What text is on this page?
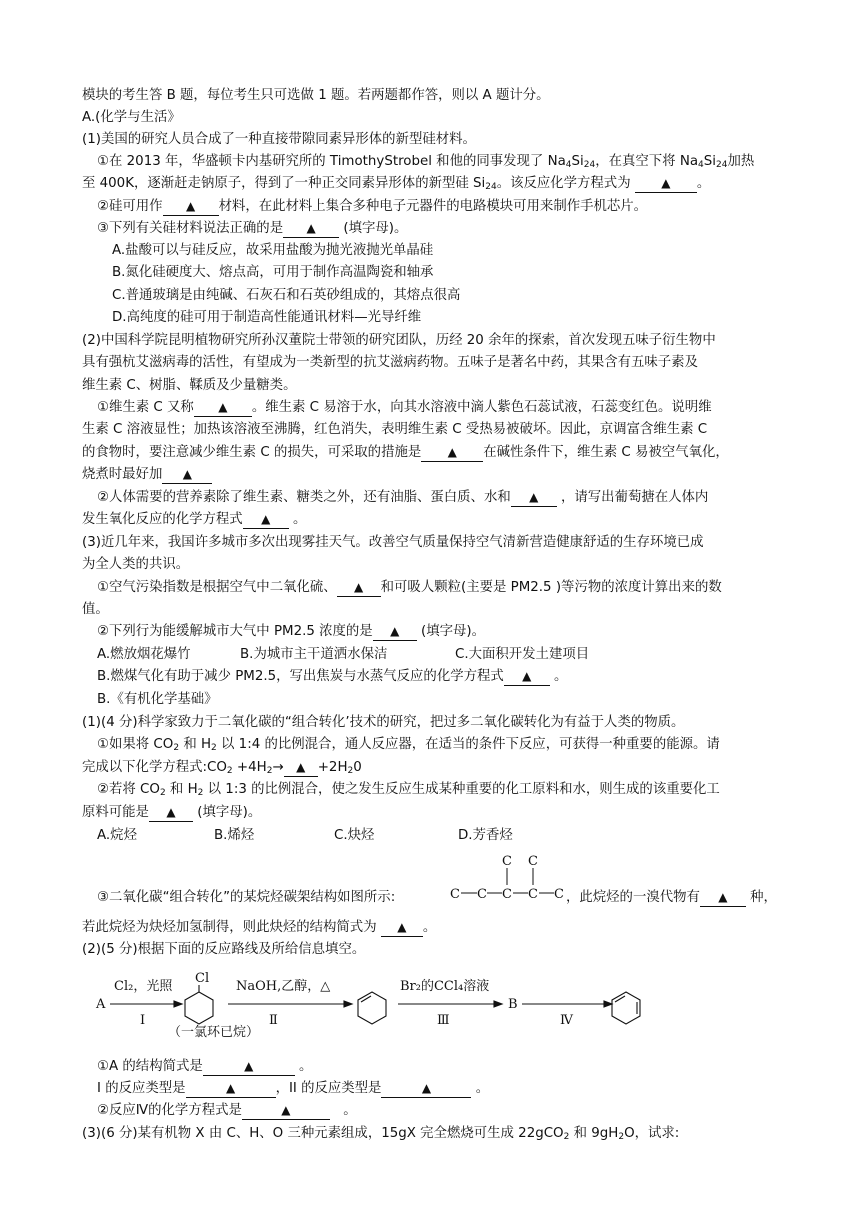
模块的考生答 B 题，每位考生只可选做 1 题。若两题都作答，则以 A 题计分。
A.(化学与生活》
(1)美国的研究人员合成了一种直接带隙同素异形体的新型硅材料。
①在 2013 年，华盛顿卡内基研究所的 TimothyStrobel 和他的同事发现了 $Na_4Si_{24}$，在真空下将 $Na_4Si_{24}$加热
至 400K，逐渐赶走钠原子，得到了一种正交同素异形体的新型硅 $Si_{24}$。该反应化学方程式为	▲ 。
②硅可用作 ▲ 材料，在此材料上集合多种电子元器件的电路模块可用来制作手机芯片。
③下列有关硅材料说法正确的是 ▲ (填字母)。
A.盐酸可以与硅反应，故采用盐酸为抛光液抛光单晶硅
B.氮化硅硬度大、熔点高，可用于制作高温陶瓷和轴承
C.普通玻璃是由纯碱、石灰石和石英砂组成的，其熔点很高
D.高纯度的硅可用于制造高性能通讯材料—光导纤维
(2)中国科学院昆明植物研究所孙汉董院士带领的研究团队，历经 20 余年的探索，首次发现五味子衍生物中
具有强杭艾滋病毒的活性，有望成为一类新型的抗艾滋病药物。五味子是著名中药，其果含有五味子素及
维生素 C、树脂、鞣质及少量糖类。
①维生素 C 又称 ▲ 。维生素 C 易溶于水，向其水溶液中滴人紫色石蕊试液，石蕊变红色。说明维
生素 C 溶液显性；加热该溶液至沸腾，红色消失，表明维生素 C 受热易被破坏。因此，京调富含维生素 C
的食物时，要注意减少维生素 C 的损失，可采取的措施是 ▲ 在碱性条件下，维生素 C 易被空气氧化，
烧煮时最好加 ▲
②人体需要的营养素除了维生素、糖类之外，还有油脂、蛋白质、水和 ▲ ，请写出葡萄搪在人体内
发生氧化反应的化学方程式 ▲ 。
(3)近几年来，我国许多城市多次出现雾挂天气。改善空气质量保持空气清新营造健康舒适的生存环境已成
为全人类的共识。
①空气污染指数是根据空气中二氧化硫、 ▲ 和可吸人颗粒(主要是 PM2.5 )等污物的浓度计算出来的数
值。
②下列行为能缓解城市大气中 PM2.5 浓度的是 ▲ (填字母)。
A.燃放烟花爆竹	B.为城市主干道洒水保洁	C.大面积开发土建项目
B.燃煤气化有助于减少 PM2.5，写出焦炭与水蒸气反应的化学方程式 ▲ 。
B.《有机化学基础》
(1)(4 分)科学家致力于二氧化碳的“组合转化’技术的研究，把过多二氧化碳转化为有益于人类的物质。
①如果将 $CO_2$ 和 $H_2$ 以 1:4 的比例混合，通人反应器，在适当的条件下反应，可获得一种重要的能源。请
完成以下化学方程式$:CO_2 +4H_2\to$ ▲ $+2H_20$
②若将 $CO_2$ 和 $H_2$ 以 1:3 的比例混合，使之发生反应生成某种重要的化工原料和水，则生成的该重要化工
原料可能是 ▲ (填字母)。
A.烷烃	B.烯烃	C.炔烃	D.芳香烃
C C C C C
C C
③二氧化碳“组合转化”的某烷烃碳架结构如图所示:	，此烷烃的一溴代物有 ▲ 种，
若此烷烃为炔烃加氢制得，则此炔烃的结构简式为 ▲ 。
(2)(5 分)根据下面的反应路线及所给信息填空。
A
Cl₂，光照
Ⅰ
Cl
（一氯环已烷）
NaOH,乙醇，△
Ⅱ
Br₂的CCl₄溶液
Ⅲ
B
Ⅳ
①A 的结构简式是	▲	。
I 的反应类型是	▲	，II 的反应类型是	▲	。
②反应Ⅳ的化学方程式是	▲　	。
(3)(6 分)某有机物 X 由 C、H、O 三种元素组成，15gX 完全燃烧可生成 22gCO$_2$ 和 $9gH_2O$，试求:
